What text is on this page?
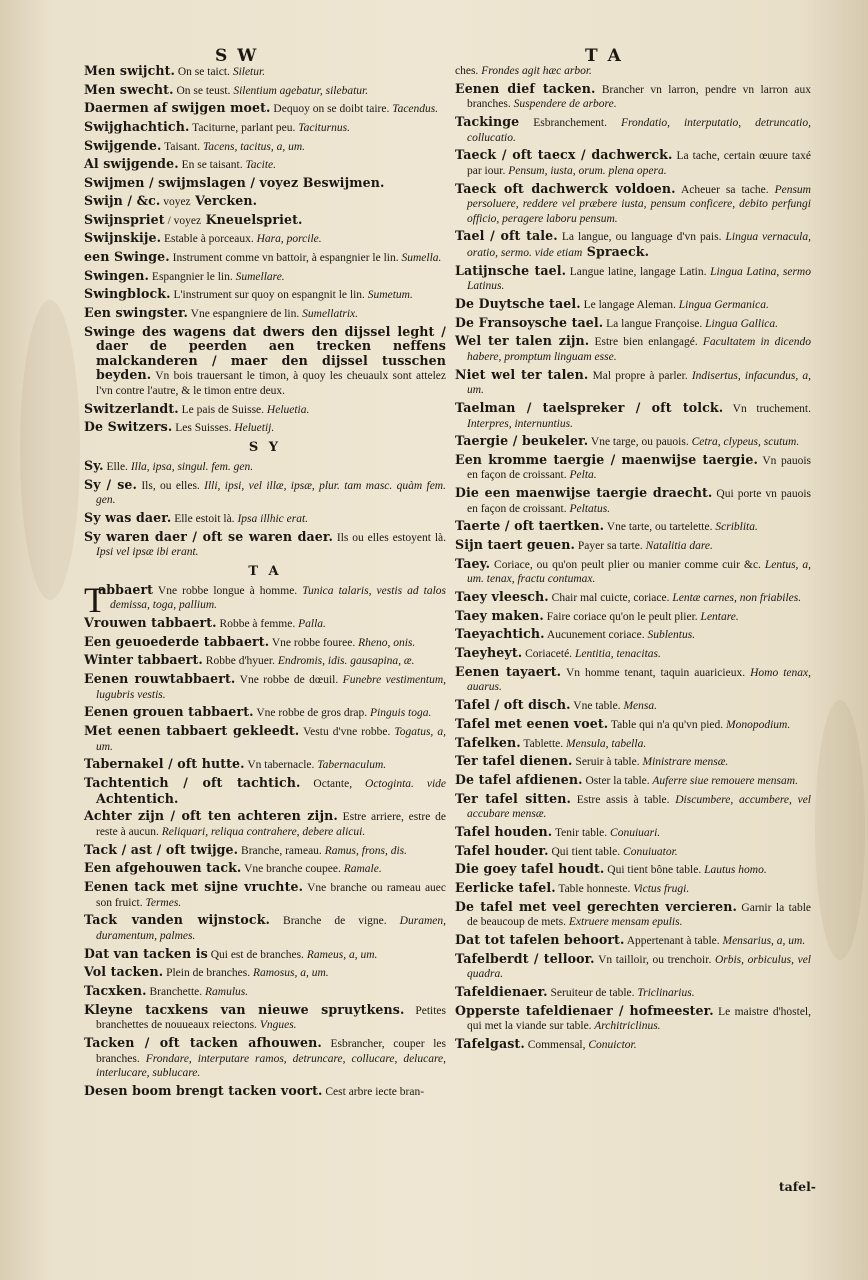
S W	T A
Men swijcht. On se taict. Siletur.
Men swecht. On se teust. Silentium agebatur, silebatur.
Daermen af swijgen moet. Dequoy on se doibt taire. Tacendus.
Swijghachtich. Taciturne, parlant peu. Taciturnus.
Swijgende. Taisant. Tacens, tacitus, a, um.
Al swijgende. En se taisant. Tacite.
Swijmen / swijmslagen / voyez Beswijmen.
Swijn / &c. voyez Vercken.
Swijnspriet / voyez Kneuelspriet.
Swijnskije. Estable à porceaux. Hara, porcile.
een Swinge. Instrument comme vn battoir, à espangnier le lin. Sumella.
Swingen. Espangnier le lin. Sumellare.
Swingblock. L'instrument sur quoy on espangnit le lin. Sumetum.
Een swingster. Vne espangniere de lin. Sumellatrix.
Swinge des wagens dat dwers den dijssel leght / daer de peerden aen trecken neffens malckanderen / maer den dijssel tusschen beyden. Vn bois trauersant le timon, à quoy les cheuaulx sont attelez l'vn contre l'autre, & le timon entre deux.
Switzerlandt. Le pais de Suisse. Heluetia.
De Switzers. Les Suisses. Heluetij.
S Y
Sy. Elle. Illa, ipsa, singul. fem. gen.
Sy / se. Ils, ou elles. Illi, ipsi, vel illæ, ipsæ, plur. tam masc. quàm fem. gen.
Sy was daer. Elle estoit là. Ipsa illhic erat.
Sy waren daer / oft se waren daer. Ils ou elles estoyent là. Ipsi vel ipsæ ibi erant.
T A
T
abbaert Vne robbe longue à homme. Tunica talaris, vestis ad talos demissa, toga, pallium.
Vrouwen tabbaert. Robbe à femme. Palla.
Een geuoederde tabbaert. Vne robbe fouree. Rheno, onis.
Winter tabbaert. Robbe d'hyuer. Endromis, idis. gausapina, æ.
Eenen rouwtabbaert. Vne robbe de dœuil. Funebre vestimentum, lugubris vestis.
Eenen grouen tabbaert. Vne robbe de gros drap. Pinguis toga.
Met eenen tabbaert gekleedt. Vestu d'vne robbe. Togatus, a, um.
Tabernakel / oft hutte. Vn tabernacle. Tabernaculum.
Tachtentich / oft tachtich. Octante, Octoginta. vide Achtentich.
Achter zijn / oft ten achteren zijn. Estre arriere, estre de reste à aucun. Reliquari, reliqua contrahere, debere alicui.
Tack / ast / oft twijge. Branche, rameau. Ramus, frons, dis.
Een afgehouwen tack. Vne branche coupee. Ramale.
Eenen tack met sijne vruchte. Vne branche ou rameau auec son fruict. Termes.
Tack vanden wijnstock. Branche de vigne. Duramen, duramentum, palmes.
Dat van tacken is Qui est de branches. Rameus, a, um.
Vol tacken. Plein de branches. Ramosus, a, um.
Tacxken. Branchette. Ramulus.
Kleyne tacxkens van nieuwe spruytkens. Petites branchettes de nouueaux reiectons. Vngues.
Tacken / oft tacken afhouwen. Esbrancher, couper les branches. Frondare, interputare ramos, detruncare, collucare, delucare, interlucare, sublucare.
Desen boom brengt tacken voort. Cest arbre iecte bran-
ches. Frondes agit hæc arbor.
Eenen dief tacken. Brancher vn larron, pendre vn larron aux branches. Suspendere de arbore.
Tackinge Esbranchement. Frondatio, interputatio, detruncatio, collucatio.
Taeck / oft taecx / dachwerck. La tache, certain œuure taxé par iour. Pensum, iusta, orum. plena opera.
Taeck oft dachwerck voldoen. Acheuer sa tache. Pensum persoluere, reddere vel præbere iusta, pensum conficere, debito perfungi officio, peragere laboru pensum.
Tael / oft tale. La langue, ou language d'vn pais. Lingua vernacula, oratio, sermo. vide etiam Spraeck.
Latijnsche tael. Langue latine, langage Latin. Lingua Latina, sermo Latinus.
De Duytsche tael. Le langage Aleman. Lingua Germanica.
De Fransoysche tael. La langue Françoise. Lingua Gallica.
Wel ter talen zijn. Estre bien enlangagé. Facultatem in dicendo habere, promptum linguam esse.
Niet wel ter talen. Mal propre à parler. Indisertus, infacundus, a, um.
Taelman / taelspreker / oft tolck. Vn truchement. Interpres, internuntius.
Taergie / beukeler. Vne targe, ou pauois. Cetra, clypeus, scutum.
Een kromme taergie / maenwijse taergie. Vn pauois en façon de croissant. Pelta.
Die een maenwijse taergie draecht. Qui porte vn pauois en façon de croissant. Peltatus.
Taerte / oft taertken. Vne tarte, ou tartelette. Scriblita.
Sijn taert geuen. Payer sa tarte. Natalitia dare.
Taey. Coriace, ou qu'on peult plier ou manier comme cuir &c. Lentus, a, um. tenax, fractu contumax.
Taey vleesch. Chair mal cuicte, coriace. Lentæ carnes, non friabiles.
Taey maken. Faire coriace qu'on le peult plier. Lentare.
Taeyachtich. Aucunement coriace. Sublentus.
Taeyheyt. Coriaceté. Lentitia, tenacitas.
Eenen tayaert. Vn homme tenant, taquin auaricieux. Homo tenax, auarus.
Tafel / oft disch. Vne table. Mensa.
Tafel met eenen voet. Table qui n'a qu'vn pied. Monopodium.
Tafelken. Tablette. Mensula, tabella.
Ter tafel dienen. Seruir à table. Ministrare mensæ.
De tafel afdienen. Oster la table. Auferre siue remouere mensam.
Ter tafel sitten. Estre assis à table. Discumbere, accumbere, vel accubare mensæ.
Tafel houden. Tenir table. Conuiuari.
Tafel houder. Qui tient table. Conuiuator.
Die goey tafel houdt. Qui tient bône table. Lautus homo.
Eerlicke tafel. Table honneste. Victus frugi.
De tafel met veel gerechten vercieren. Garnir la table de beaucoup de mets. Extruere mensam epulis.
Dat tot tafelen behoort. Appertenant à table. Mensarius, a, um.
Tafelberdt / telloor. Vn tailloir, ou trenchoir. Orbis, orbiculus, vel quadra.
Tafeldienaer. Seruiteur de table. Triclinarius.
Opperste tafeldienaer / hofmeester. Le maistre d'hostel, qui met la viande sur table. Architriclinus.
Tafelgast. Commensal, Conuictor.
tafel-
